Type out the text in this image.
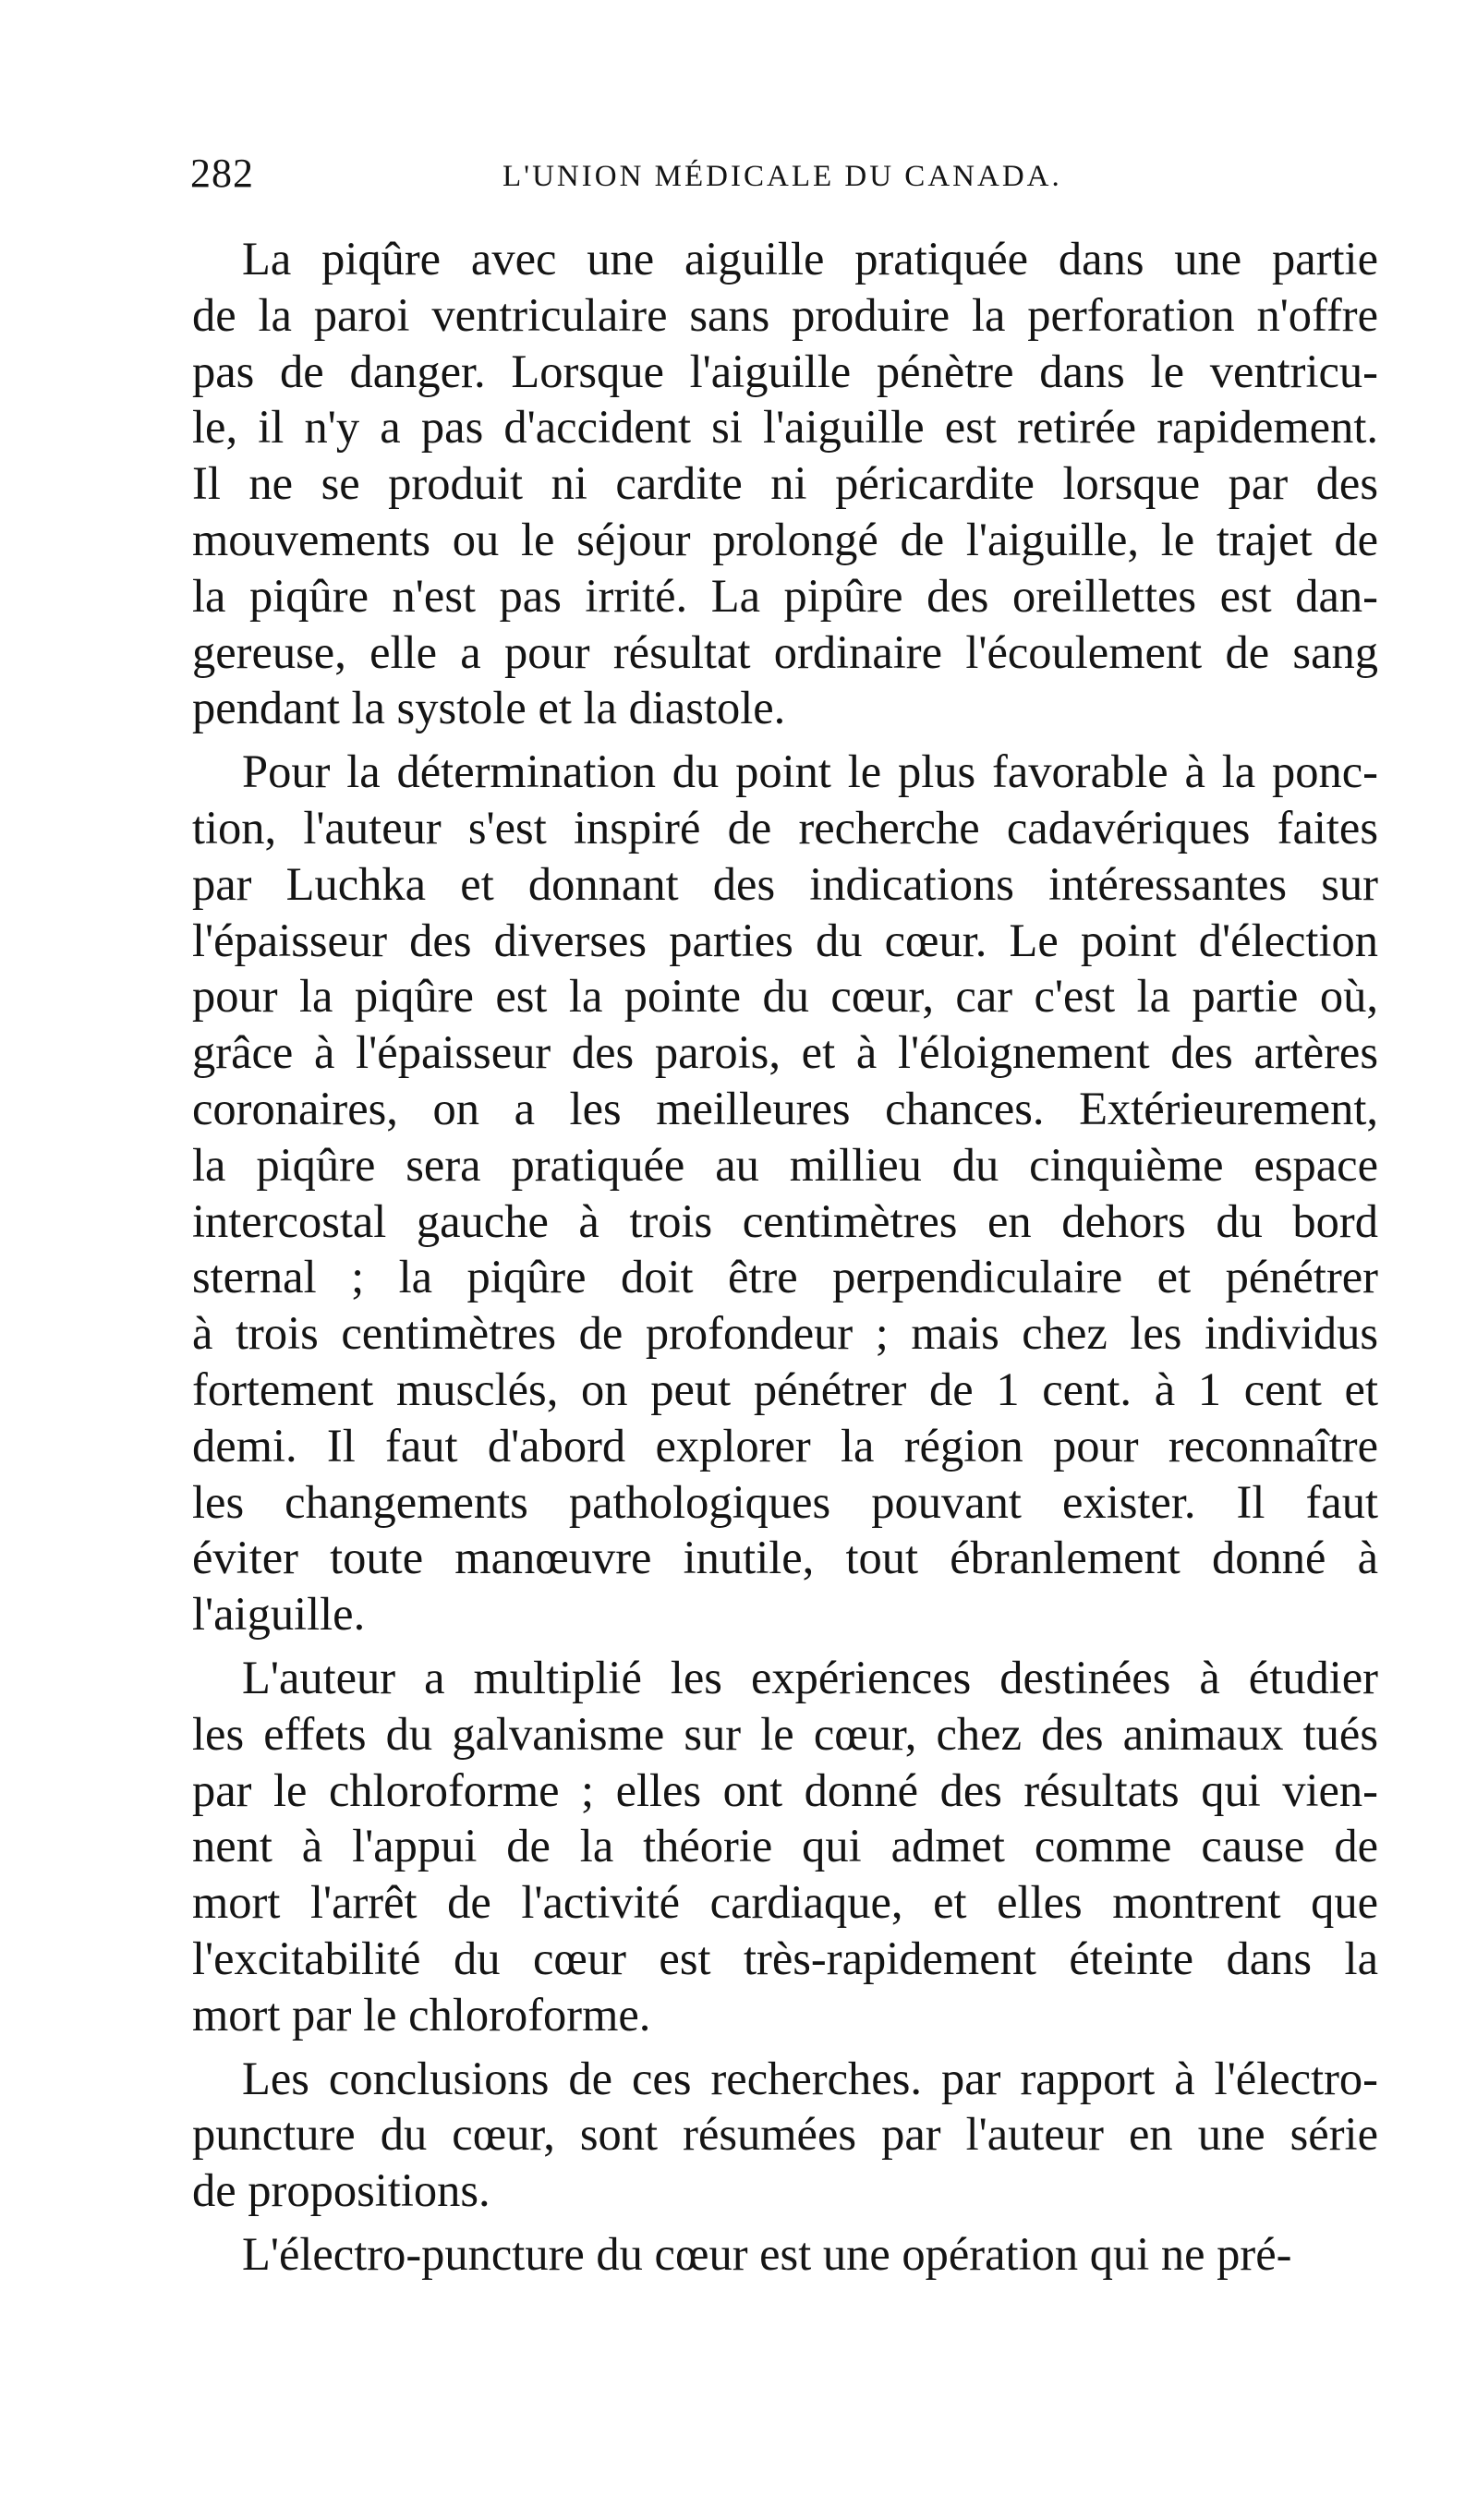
282	L'UNION MÉDICALE DU CANADA.

La piqûre avec une aiguille pratiquée dans une partie
de la paroi ventriculaire sans produire la perforation n'offre
pas de danger. Lorsque l'aiguille pénètre dans le ventricu-
le, il n'y a pas d'accident si l'aiguille est retirée rapidement.
Il ne se produit ni cardite ni péricardite lorsque par des
mouvements ou le séjour prolongé de l'aiguille, le trajet de
la piqûre n'est pas irrité. La pipûre des oreillettes est dan-
gereuse, elle a pour résultat ordinaire l'écoulement de sang
pendant la systole et la diastole.

Pour la détermination du point le plus favorable à la ponc-
tion, l'auteur s'est inspiré de recherche cadavériques faites
par Luchka et donnant des indications intéressantes sur
l'épaisseur des diverses parties du cœur. Le point d'élection
pour la piqûre est la pointe du cœur, car c'est la partie où,
grâce à l'épaisseur des parois, et à l'éloignement des artères
coronaires, on a les meilleures chances. Extérieurement,
la piqûre sera pratiquée au millieu du cinquième espace
intercostal gauche à trois centimètres en dehors du bord
sternal ; la piqûre doit être perpendiculaire et pénétrer
à trois centimètres de profondeur ; mais chez les individus
fortement musclés, on peut pénétrer de 1 cent. à 1 cent et
demi. Il faut d'abord explorer la région pour reconnaître
les changements pathologiques pouvant exister. Il faut
éviter toute manœuvre inutile, tout ébranlement donné à
l'aiguille.

L'auteur a multiplié les expériences destinées à étudier
les effets du galvanisme sur le cœur, chez des animaux tués
par le chloroforme ; elles ont donné des résultats qui vien-
nent à l'appui de la théorie qui admet comme cause de
mort l'arrêt de l'activité cardiaque, et elles montrent que
l'excitabilité du cœur est très-rapidement éteinte dans la
mort par le chloroforme.

Les conclusions de ces recherches. par rapport à l'électro-
puncture du cœur, sont résumées par l'auteur en une série
de propositions.

L'électro-puncture du cœur est une opération qui ne pré-
